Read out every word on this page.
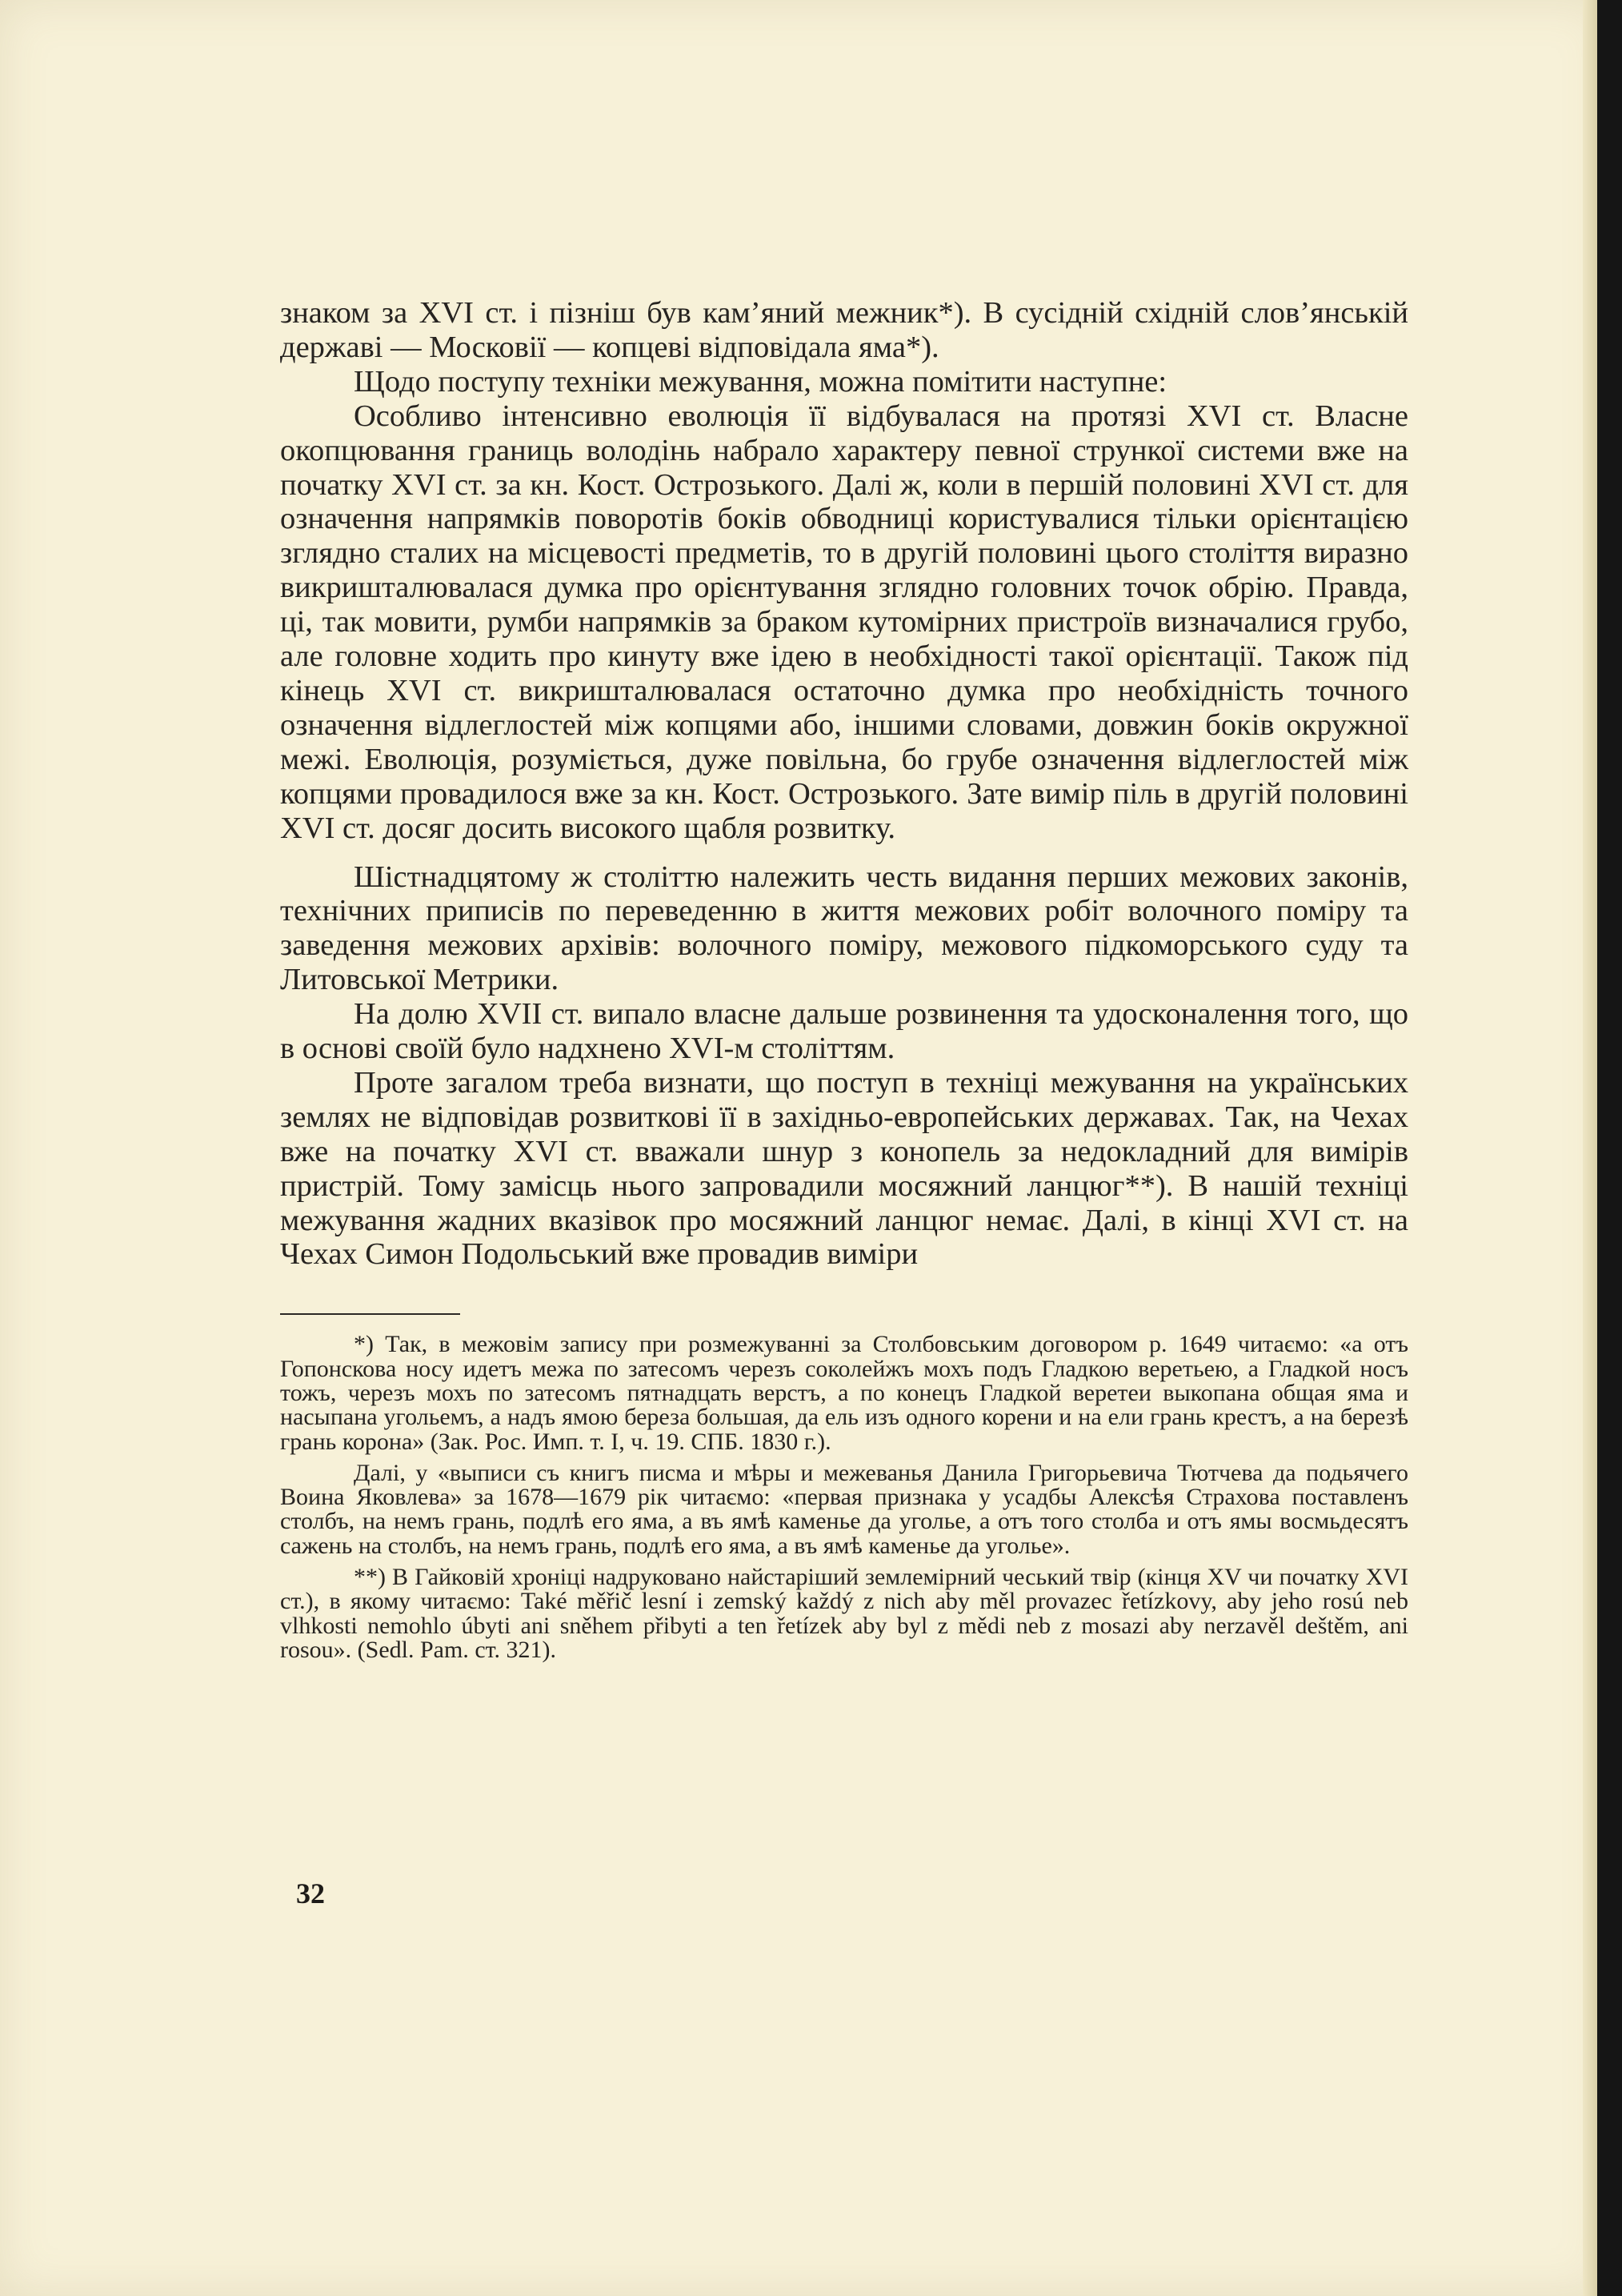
знаком за XVI ст. і пізніш був кам’яний межник*). В сусідній східній слов’янській державі — Московії — копцеві відповідала яма*).

Щодо поступу техніки межування, можна помітити наступне:

Особливо інтенсивно еволюція її відбувалася на протязі XVI ст. Власне окопцювання границь володінь набрало характеру певної стрункої системи вже на початку XVI ст. за кн. Кост. Острозького. Далі ж, коли в першій половині XVI ст. для означення напрямків поворотів боків обводниці користувалися тільки орієнтацією зглядно сталих на місцевості предметів, то в другій половині цього століття виразно викришталювалася думка про орієнтування зглядно головних точок обрію. Правда, ці, так мовити, румби напрямків за браком кутомірних пристроїв визначалися грубо, але головне ходить про кинуту вже ідею в необхідності такої орієнтації. Також під кінець XVI ст. викришталювалася остаточно думка про необхідність точного означення відлеглостей між копцями або, іншими словами, довжин боків окружної межі. Еволюція, розуміється, дуже повільна, бо грубе означення відлеглостей між копцями провадилося вже за кн. Кост. Острозького. Зате вимір піль в другій половині XVI ст. досяг досить високого щабля розвитку.

Шістнадцятому ж століттю належить честь видання перших межових законів, технічних приписів по переведенню в життя межових робіт волочного поміру та заведення межових архівів: волочного поміру, межового підкоморського суду та Литовської Метрики.

На долю XVII ст. випало власне дальше розвинення та удосконалення того, що в основі своїй було надхнено XVI-м століттям.

Проте загалом треба визнати, що поступ в техніці межування на українських землях не відповідав розвиткові її в західньо-европейських державах. Так, на Чехах вже на початку XVI ст. вважали шнур з конопель за недокладний для вимірів пристрій. Тому замісць нього запровадили мосяжний ланцюг**). В нашій техніці межування жадних вказівок про мосяжний ланцюг немає. Далі, в кінці XVI ст. на Чехах Симон Подольський вже провадив виміри

*) Так, в межовім запису при розмежуванні за Столбовським договором р. 1649 читаємо: «а отъ Гопонскова носу идетъ межа по затесомъ черезъ соколейжъ мохъ подъ Гладкою веретьею, а Гладкой носъ тожъ, черезъ мохъ по затесомъ пятнадцать верстъ, а по конецъ Гладкой веретеи выкопана общая яма и насыпана угольемъ, а надъ ямою береза большая, да ель изъ одного корени и на ели грань крестъ, а на березѣ грань корона» (Зак. Рос. Имп. т. I, ч. 19. СПБ. 1830 г.).

Далі, у «выписи съ книгъ писма и мѣры и межеванья Данила Григорьевича Тютчева да подьячего Воина Яковлева» за 1678—1679 рік читаємо: «первая признака у усадбы Алексѣя Страхова поставленъ столбъ, на немъ грань, подлѣ его яма, а въ ямѣ каменье да уголье, а отъ того столба и отъ ямы восмьдесятъ сажень на столбъ, на немъ грань, подлѣ его яма, а въ ямѣ каменье да уголье».

**) В Гайковій хроніці надруковано найстаріший землемірний чеський твір (кінця XV чи початку XVI ст.), в якому читаємо: Také měřič lesní i zemský každý z nich aby měl provazec řetízkovy, aby jeho rosú neb vlhkosti nemohlo úbyti ani sněhem přibyti a ten řetízek aby byl z mědi neb z mosazi aby nerzavěl deštěm, ani rosou». (Sedl. Pam. ст. 321).

32
